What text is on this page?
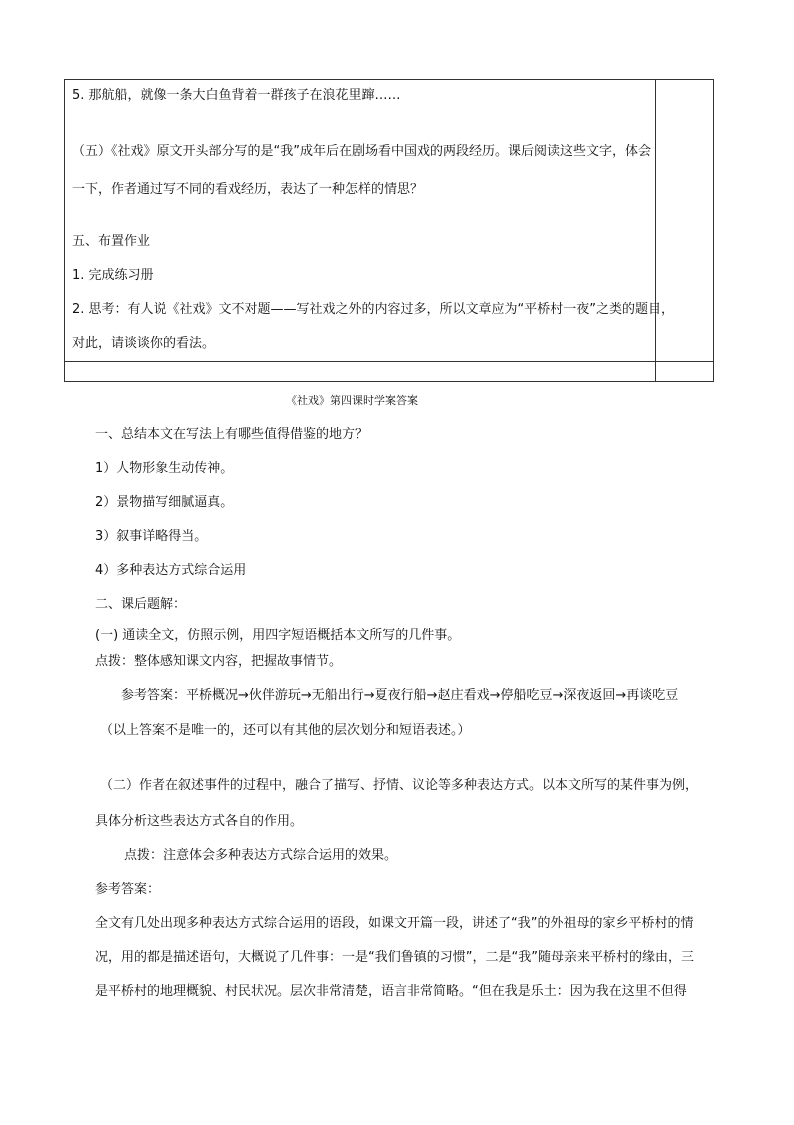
5. 那航船，就像一条大白鱼背着一群孩子在浪花里蹿……
（五）《社戏》原文开头部分写的是“我”成年后在剧场看中国戏的两段经历。课后阅读这些文字，体会
一下，作者通过写不同的看戏经历，表达了一种怎样的情思？
五、布置作业
1. 完成练习册
2. 思考：有人说《社戏》文不对题——写社戏之外的内容过多，所以文章应为“平桥村一夜”之类的题目，
对此，请谈谈你的看法。
《社戏》第四课时学案答案
一、总结本文在写法上有哪些值得借鉴的地方？
1）人物形象生动传神。
2）景物描写细腻逼真。
3）叙事详略得当。
4）多种表达方式综合运用
二、课后题解：
(一) 通读全文，仿照示例，用四字短语概括本文所写的几件事。
点拨：整体感知课文内容，把握故事情节。
参考答案：平桥概况→伙伴游玩→无船出行→夏夜行船→赵庄看戏→停船吃豆→深夜返回→再谈吃豆
（以上答案不是唯一的，还可以有其他的层次划分和短语表述。）
（二）作者在叙述事件的过程中，融合了描写、抒情、议论等多种表达方式。以本文所写的某件事为例，
具体分析这些表达方式各自的作用。
点拨：注意体会多种表达方式综合运用的效果。
参考答案：
全文有几处出现多种表达方式综合运用的语段，如课文开篇一段，讲述了“我”的外祖母的家乡平桥村的情
况，用的都是描述语句，大概说了几件事：一是“我们鲁镇的习惯”，二是“我”随母亲来平桥村的缘由，三
是平桥村的地理概貌、村民状况。层次非常清楚，语言非常简略。“但在我是乐土：因为我在这里不但得
